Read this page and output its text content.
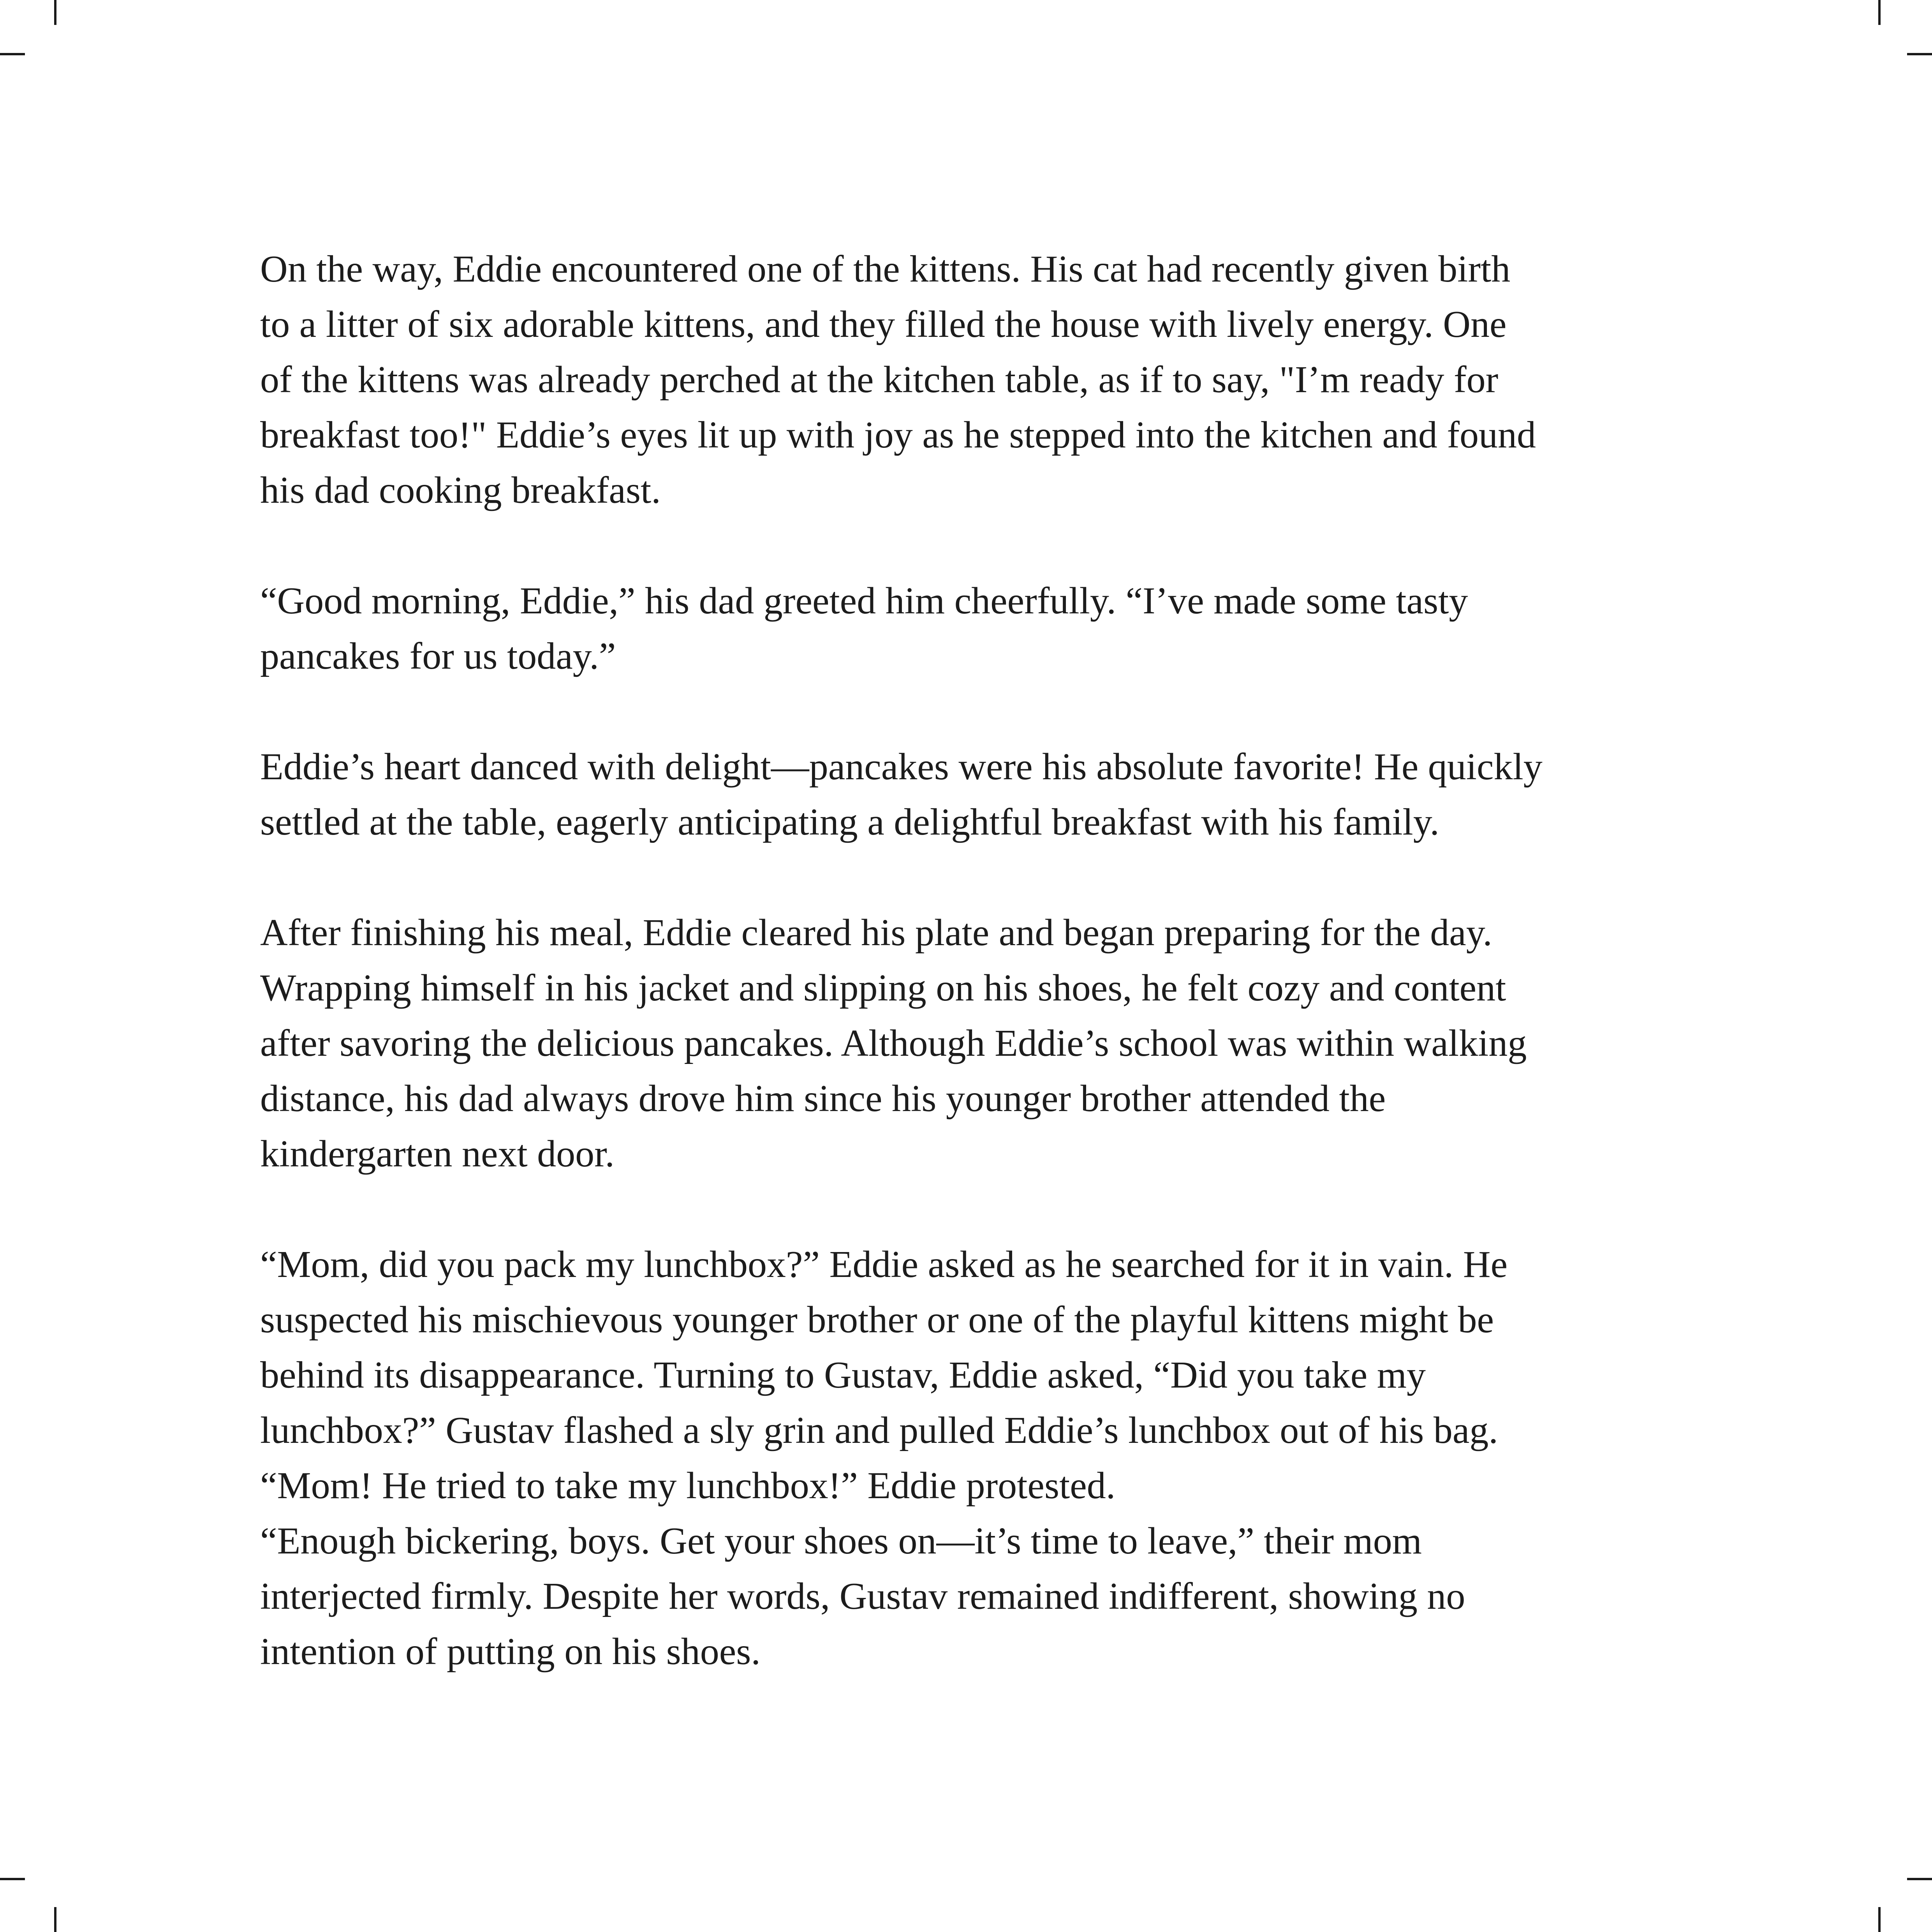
On the way, Eddie encountered one of the kittens. His cat had recently given birth
to a litter of six adorable kittens, and they filled the house with lively energy. One
of the kittens was already perched at the kitchen table, as if to say, "I’m ready for
breakfast too!" Eddie’s eyes lit up with joy as he stepped into the kitchen and found
his dad cooking breakfast.

“Good morning, Eddie,” his dad greeted him cheerfully. “I’ve made some tasty
pancakes for us today.”

Eddie’s heart danced with delight—pancakes were his absolute favorite! He quickly
settled at the table, eagerly anticipating a delightful breakfast with his family.

After finishing his meal, Eddie cleared his plate and began preparing for the day.
Wrapping himself in his jacket and slipping on his shoes, he felt cozy and content
after savoring the delicious pancakes. Although Eddie’s school was within walking
distance, his dad always drove him since his younger brother attended the
kindergarten next door.

“Mom, did you pack my lunchbox?” Eddie asked as he searched for it in vain. He
suspected his mischievous younger brother or one of the playful kittens might be
behind its disappearance. Turning to Gustav, Eddie asked, “Did you take my
lunchbox?” Gustav flashed a sly grin and pulled Eddie’s lunchbox out of his bag.

“Mom! He tried to take my lunchbox!” Eddie protested.

“Enough bickering, boys. Get your shoes on—it’s time to leave,” their mom
interjected firmly. Despite her words, Gustav remained indifferent, showing no
intention of putting on his shoes.
